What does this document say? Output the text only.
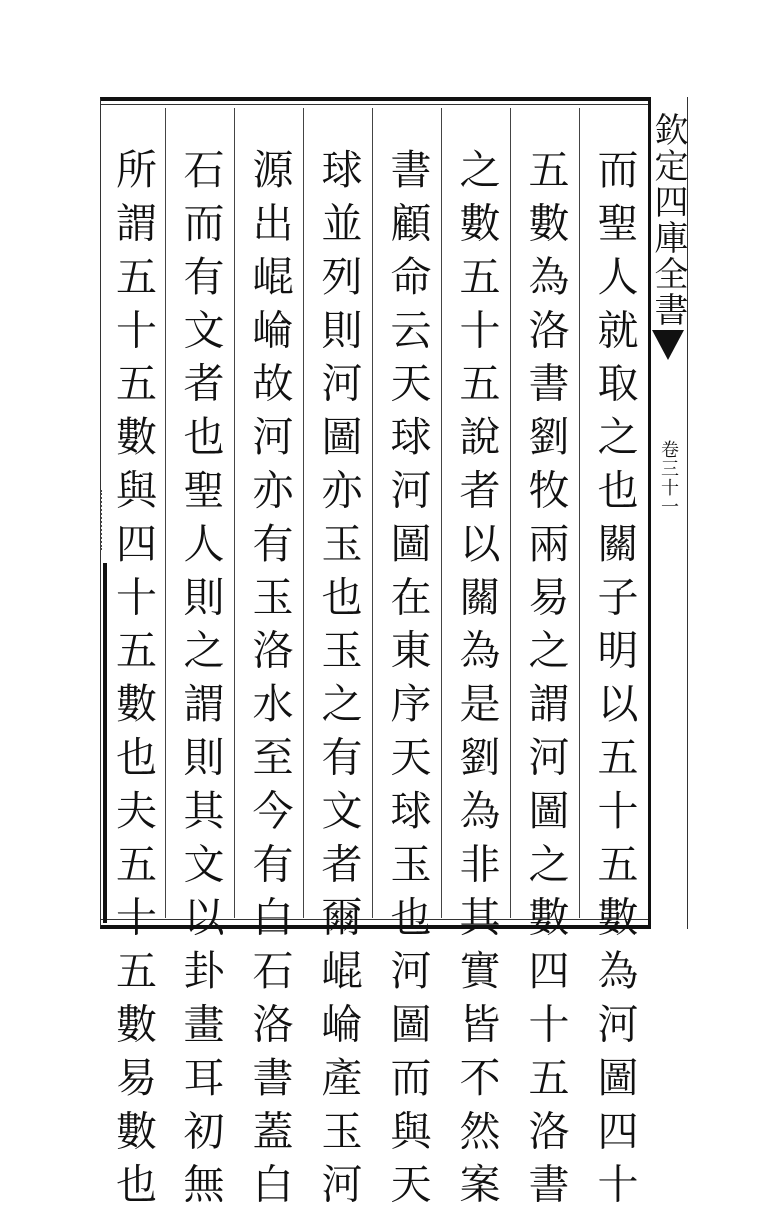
而聖人就取之也關子明以五十五數為河圖四十
五數為洛書劉牧兩易之謂河圖之數四十五洛書
之數五十五說者以關為是劉為非其實皆不然案
書顧命云天球河圖在東序天球玉也河圖而與天
球並列則河圖亦玉也玉之有文者爾崐崘產玉河
源出崐崘故河亦有玉洛水至今有白石洛書蓋白
石而有文者也聖人則之謂則其文以卦畫耳初無
所謂五十五數與四十五數也夫五十五數易數也	欽定四庫全書
卷三十一
